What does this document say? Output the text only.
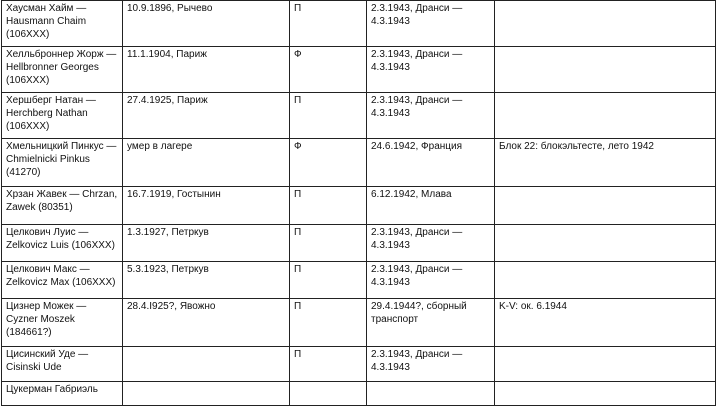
Хаусман Хайм —
Hausmann Chaim
(106XXX)	10.9.1896, Рычево	П	2.3.1943, Дранси —
4.3.1943	
Хелльброннер Жорж —
Hellbronner Georges
(106XXX)	11.1.1904, Париж	Ф	2.3.1943, Дранси —
4.3.1943	
Хершберг Натан —
Herchberg Nathan
(106XXX)	27.4.1925, Париж	П	2.3.1943, Дранси —
4.3.1943	
Хмельницкий Пинкус —
Chmielnicki Pinkus
(41270)	умер в лагере	Ф	24.6.1942, Франция	Блок 22: блокэльтесте, лето 1942
Хрзан Жавек — Chrzan,
Zawek (80351)	16.7.1919, Гостынин	П	6.12.1942, Млава	
Целкович Луис —
Zelkovicz Luis (106XXX)	1.3.1927, Петркув	П	2.3.1943, Дранси —
4.3.1943	
Целкович Макс —
Zelkovicz Max (106XXX)	5.3.1923, Петркув	П	2.3.1943, Дранси —
4.3.1943	
Цизнер Можек —
Cyzner Moszek
(184661?)	28.4.I925?, Явожно	П	29.4.1944?, сборный
транспорт	K-V: ок. 6.1944
Цисинский Уде —
Cisinski Ude		П	2.3.1943, Дранси —
4.3.1943	
Цукерман Габриэль				
